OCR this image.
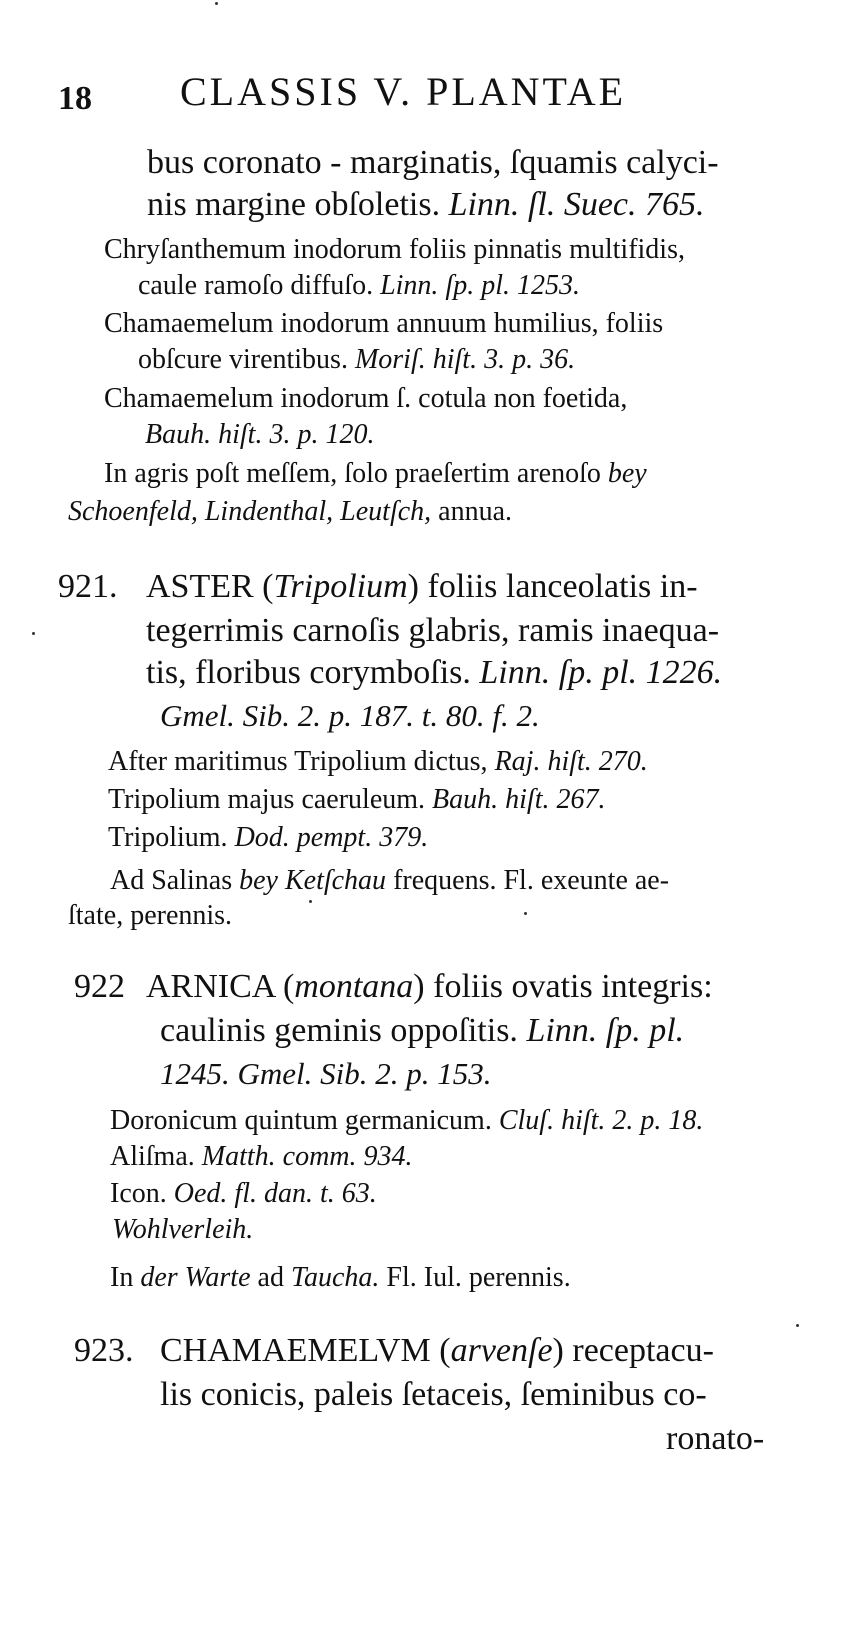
18 CLASSIS V. PLANTAE
bus coronato - marginatis, ſquamis calyci-
nis margine obſoletis. Linn. ſl. Suec. 765.
Chryſanthemum inodorum foliis pinnatis multifidis,
caule ramoſo diffuſo. Linn. ſp. pl. 1253.
Chamaemelum inodorum annuum humilius, foliis
obſcure virentibus. Moriſ. hiſt. 3. p. 36.
Chamaemelum inodorum ſ. cotula non foetida,
Bauh. hiſt. 3. p. 120.
In agris poſt meſſem, ſolo praeſertim arenoſo bey
Schoenfeld, Lindenthal, Leutſch, annua.
921. ASTER (Tripolium) foliis lanceolatis in-
tegerrimis carnoſis glabris, ramis inaequa-
tis, floribus corymboſis. Linn. ſp. pl. 1226.
Gmel. Sib. 2. p. 187. t. 80. f. 2.
After maritimus Tripolium dictus, Raj. hiſt. 270.
Tripolium majus caeruleum. Bauh. hiſt. 267.
Tripolium. Dod. pempt. 379.
Ad Salinas bey Ketſchau frequens. Fl. exeunte ae-
ſtate, perennis.
922 ARNICA (montana) foliis ovatis integris:
caulinis geminis oppoſitis. Linn. ſp. pl.
1245. Gmel. Sib. 2. p. 153.
Doronicum quintum germanicum. Cluſ. hiſt. 2. p. 18.
Aliſma. Matth. comm. 934.
Icon. Oed. fl. dan. t. 63.
Wohlverleih.
In der Warte ad Taucha. Fl. Iul. perennis.
923. CHAMAEMELVM (arvenſe) receptacu-
lis conicis, paleis ſetaceis, ſeminibus co-
ronato-
